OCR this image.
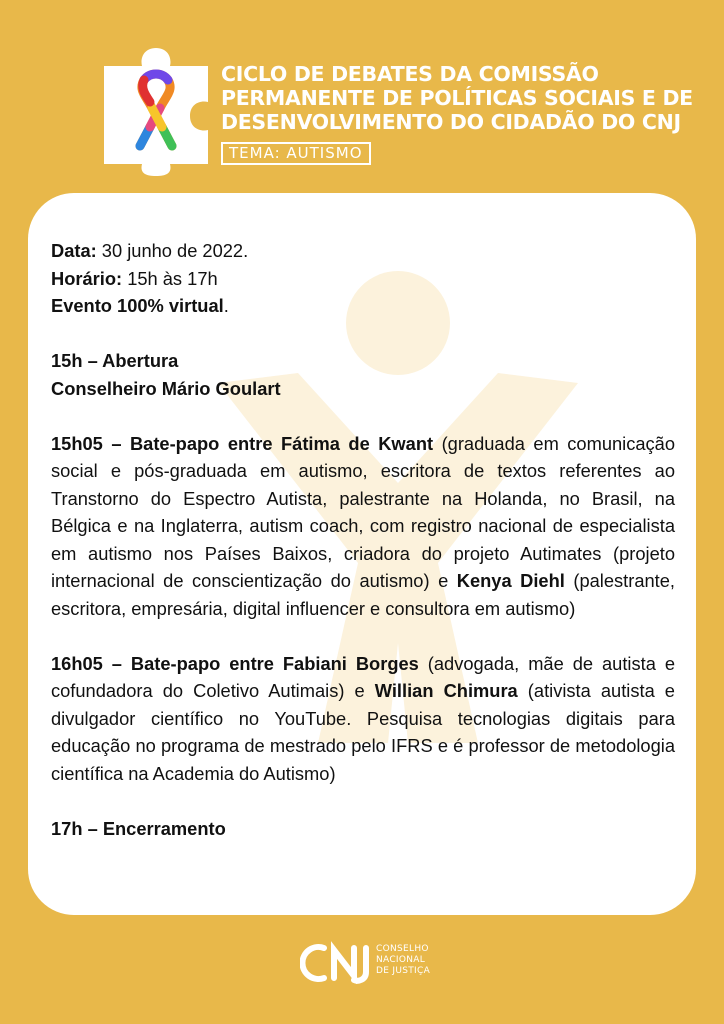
CICLO DE DEBATES DA COMISSÃO
PERMANENTE DE POLÍTICAS SOCIAIS E DE
DESENVOLVIMENTO DO CIDADÃO DO CNJ
TEMA: AUTISMO

Data: 30 junho de 2022.

Horário: 15h às 17h

Evento 100% virtual.

15h – Abertura

Conselheiro Mário Goulart

15h05 – Bate-papo entre Fátima de Kwant (graduada em comunicação social e pós-graduada em autismo, escritora de textos referentes ao Transtorno do Espectro Autista, palestrante na Holanda, no Brasil, na Bélgica e na Inglaterra, autism coach, com registro nacional de especialista em autismo nos Países Baixos, criadora do projeto Autimates (projeto internacional de conscientização do autismo) e Kenya Diehl (palestrante, escritora, empresária, digital influencer e consultora em autismo)

16h05 – Bate-papo entre Fabiani Borges (advogada, mãe de autista e cofundadora do Coletivo Autimais) e Willian Chimura (ativista autista e divulgador científico no YouTube. Pesquisa tecnologias digitais para educação no programa de mestrado pelo IFRS e é professor de metodologia científica na Academia do Autismo)

17h – Encerramento

CONSELHO
NACIONAL
DE JUSTIÇA
